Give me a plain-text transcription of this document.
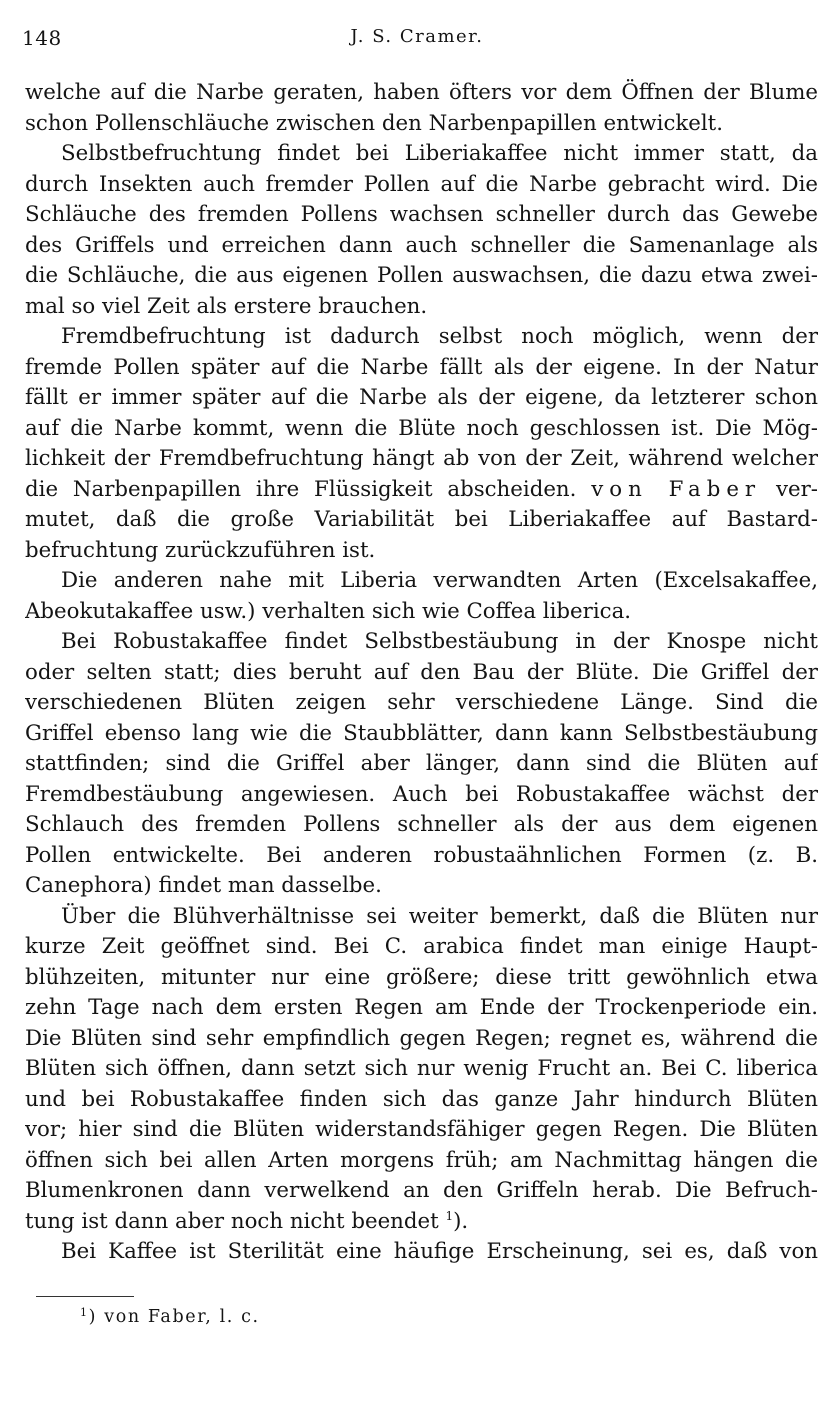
148	J. S. Cramer.
welche auf die Narbe geraten, haben öfters vor dem Öffnen der Blume
schon Pollenschläuche zwischen den Narbenpapillen entwickelt.
Selbstbefruchtung findet bei Liberiakaffee nicht immer statt, da
durch Insekten auch fremder Pollen auf die Narbe gebracht wird. Die
Schläuche des fremden Pollens wachsen schneller durch das Gewebe
des Griffels und erreichen dann auch schneller die Samenanlage als
die Schläuche, die aus eigenen Pollen auswachsen, die dazu etwa zwei-
mal so viel Zeit als erstere brauchen.
Fremdbefruchtung ist dadurch selbst noch möglich, wenn der
fremde Pollen später auf die Narbe fällt als der eigene. In der Natur
fällt er immer später auf die Narbe als der eigene, da letzterer schon
auf die Narbe kommt, wenn die Blüte noch geschlossen ist. Die Mög-
lichkeit der Fremdbefruchtung hängt ab von der Zeit, während welcher
die Narbenpapillen ihre Flüssigkeit abscheiden. von Faber ver-
mutet, daß die große Variabilität bei Liberiakaffee auf Bastard-
befruchtung zurückzuführen ist.
Die anderen nahe mit Liberia verwandten Arten (Excelsakaffee,
Abeokutakaffee usw.) verhalten sich wie Coffea liberica.
Bei Robustakaffee findet Selbstbestäubung in der Knospe nicht
oder selten statt; dies beruht auf den Bau der Blüte. Die Griffel der
verschiedenen Blüten zeigen sehr verschiedene Länge. Sind die
Griffel ebenso lang wie die Staubblätter, dann kann Selbstbestäubung
stattfinden; sind die Griffel aber länger, dann sind die Blüten auf
Fremdbestäubung angewiesen. Auch bei Robustakaffee wächst der
Schlauch des fremden Pollens schneller als der aus dem eigenen
Pollen entwickelte. Bei anderen robustaähnlichen Formen (z. B.
Canephora) findet man dasselbe.
Über die Blühverhältnisse sei weiter bemerkt, daß die Blüten nur
kurze Zeit geöffnet sind. Bei C. arabica findet man einige Haupt-
blühzeiten, mitunter nur eine größere; diese tritt gewöhnlich etwa
zehn Tage nach dem ersten Regen am Ende der Trockenperiode ein.
Die Blüten sind sehr empfindlich gegen Regen; regnet es, während die
Blüten sich öffnen, dann setzt sich nur wenig Frucht an. Bei C. liberica
und bei Robustakaffee finden sich das ganze Jahr hindurch Blüten
vor; hier sind die Blüten widerstandsfähiger gegen Regen. Die Blüten
öffnen sich bei allen Arten morgens früh; am Nachmittag hängen die
Blumenkronen dann verwelkend an den Griffeln herab. Die Befruch-
tung ist dann aber noch nicht beendet $^1$).
Bei Kaffee ist Sterilität eine häufige Erscheinung, sei es, daß von
$^1$) von Faber, l. c.
